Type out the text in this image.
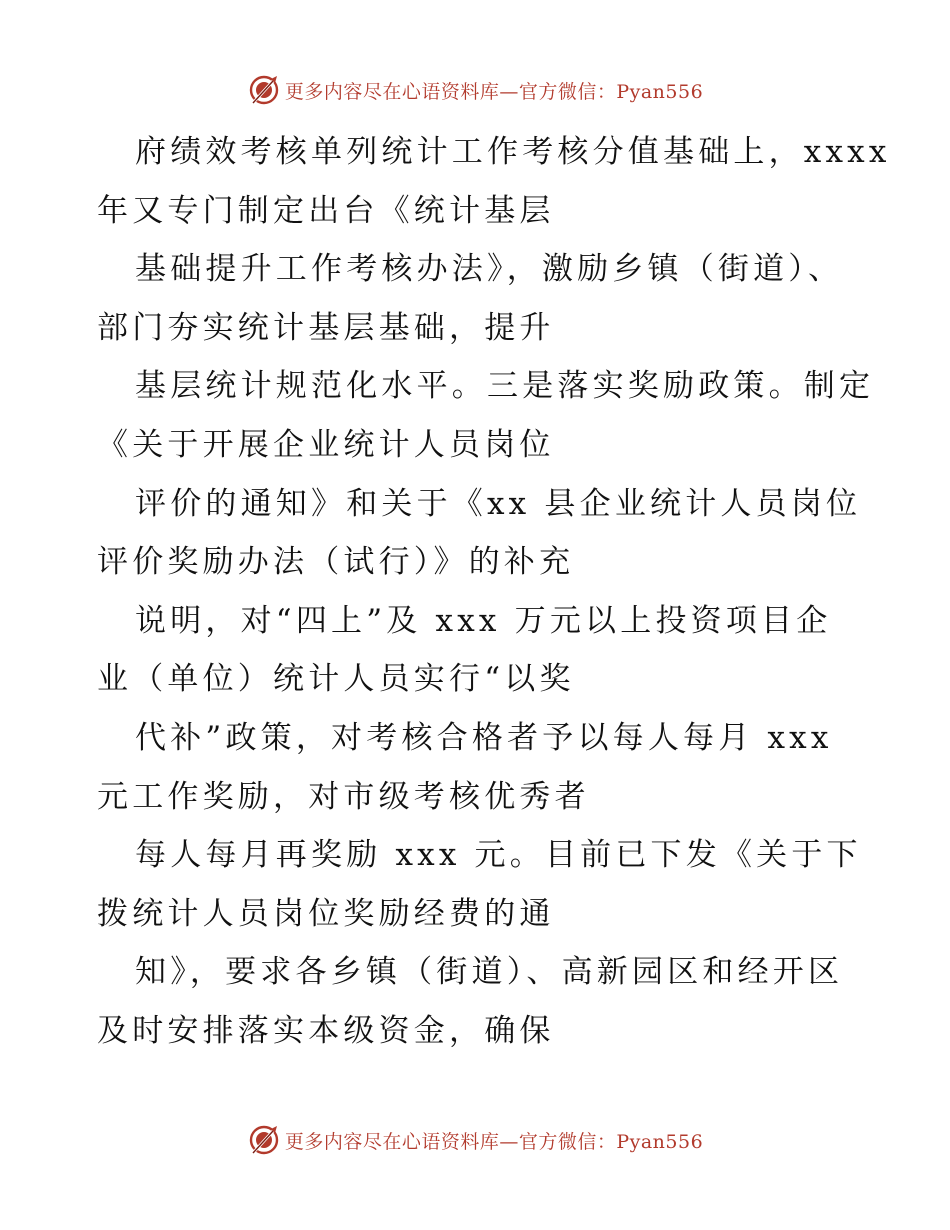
更多内容尽在心语资料库—官方微信：Pyan556
府绩效考核单列统计工作考核分值基础上，xxxx
年又专门制定出台《统计基层
基础提升工作考核办法》，激励乡镇（街道）、
部门夯实统计基层基础，提升
基层统计规范化水平。三是落实奖励政策。制定
《关于开展企业统计人员岗位
评价的通知》和关于《xx 县企业统计人员岗位
评价奖励办法（试行）》的补充
说明，对“四上”及 xxx 万元以上投资项目企
业（单位）统计人员实行“以奖
代补”政策，对考核合格者予以每人每月 xxx
元工作奖励，对市级考核优秀者
每人每月再奖励 xxx 元。目前已下发《关于下
拨统计人员岗位奖励经费的通
知》，要求各乡镇（街道）、高新园区和经开区
及时安排落实本级资金，确保
更多内容尽在心语资料库—官方微信：Pyan556
